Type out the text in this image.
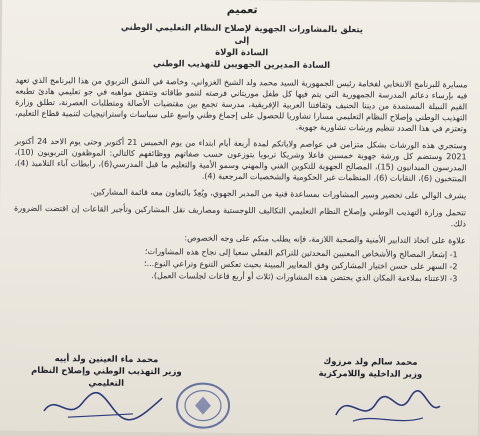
تعميم
يتعلق بالمشاورات الجهوية لإصلاح النظام التعليمي الوطني
إلى
السادة الولاة
السادة المديرين الجهويين للتهذيب الوطني

مسايرة للبرنامج الانتخابي لفخامة رئيس الجمهورية السيد محمد ولد الشيخ الغزواني، وخاصة في الشق التربوي من هذا البرنامج الذي تعهد فيه بإرساء دعائم المدرسة الجمهورية التي يتم فيها كل طفل موريتاني فرصته لتنمو طاقاته وتتفتق مواهبه في جو تعليمي هادئ تطبعه القيم النبيلة المستمدة من ديننا الحنيف وثقافتنا العربية الإفريقية، مدرسة تجمع بين مقتضيات الأصالة ومتطلبات العصرنة، تطلق وزارة التهذيب الوطني وإصلاح النظام التعليمي مسارا تشاوريا للحصول على إجماع وطني واسع على سياسات واستراتيجيات لتنمية قطاع التعليم، وتعتزم في هذا الصدد تنظيم ورشات تشاورية جهوية.

وستجري هذه الورشات بشكل متزامن في عواصم ولاياتكم لمدة أربعة أيام ابتداء من يوم الخميس 21 أكتوبر وحتى يوم الاحد 24 أكتوبر 2021 وستضم كل ورشة جهوية خمسين فاعلا وشريكا تربويا يتوزعون حسب صفاتهم ووظائفهم كالتالي: الموظفون التربويون (10)، المدرسون الميدانيون (15)، المصالح الجهوية للتكوين الفني والمهني وسمو الأمية والتعليم ما قبل المدرسي(6)، رابطات آباء التلاميذ (4)، المنتخبون (6)، النقابات (6)، المنظمات غير الحكومية والشخصيات المرجعية (4).

يشرف الوالي على تحضير وسير المشاورات بمساعدة فنية من المدير الجهوي، ويُعِدّ بالتعاون معه قائمة المشاركين.

تتحمل وزارة التهذيب الوطني وإصلاح النظام التعليمي التكاليف اللوجستية ومصاريف نقل المشاركين وتأجير القاعات إن اقتضت الضرورة ذلك.

علاوة على اتخاذ التدابير الأمنية والصحية اللازمة، فإنه يطلب منكم على وجه الخصوص:

1- إشعار المصالح والأشخاص المعنيين المحدثين للتراكم الفعلي سعيا إلى نجاح هذه المشاورات؛
2- السهر على حسن اختيار المشاركين وفق المعايير المبينة بحيث تعكس التنوع وتراعي النوع...؛
3- الاعتناء بملاءمة المكان الذي يحتضن هذه المشاورات (ثلاث أو أربع قاعات لجلسات العمل).
محمد سالم ولد مرزوك
وزير الداخلية واللامركزية
محمد ماء العينين ولد أييه
وزير التهذيب الوطني وإصلاح النظام التعليمي
